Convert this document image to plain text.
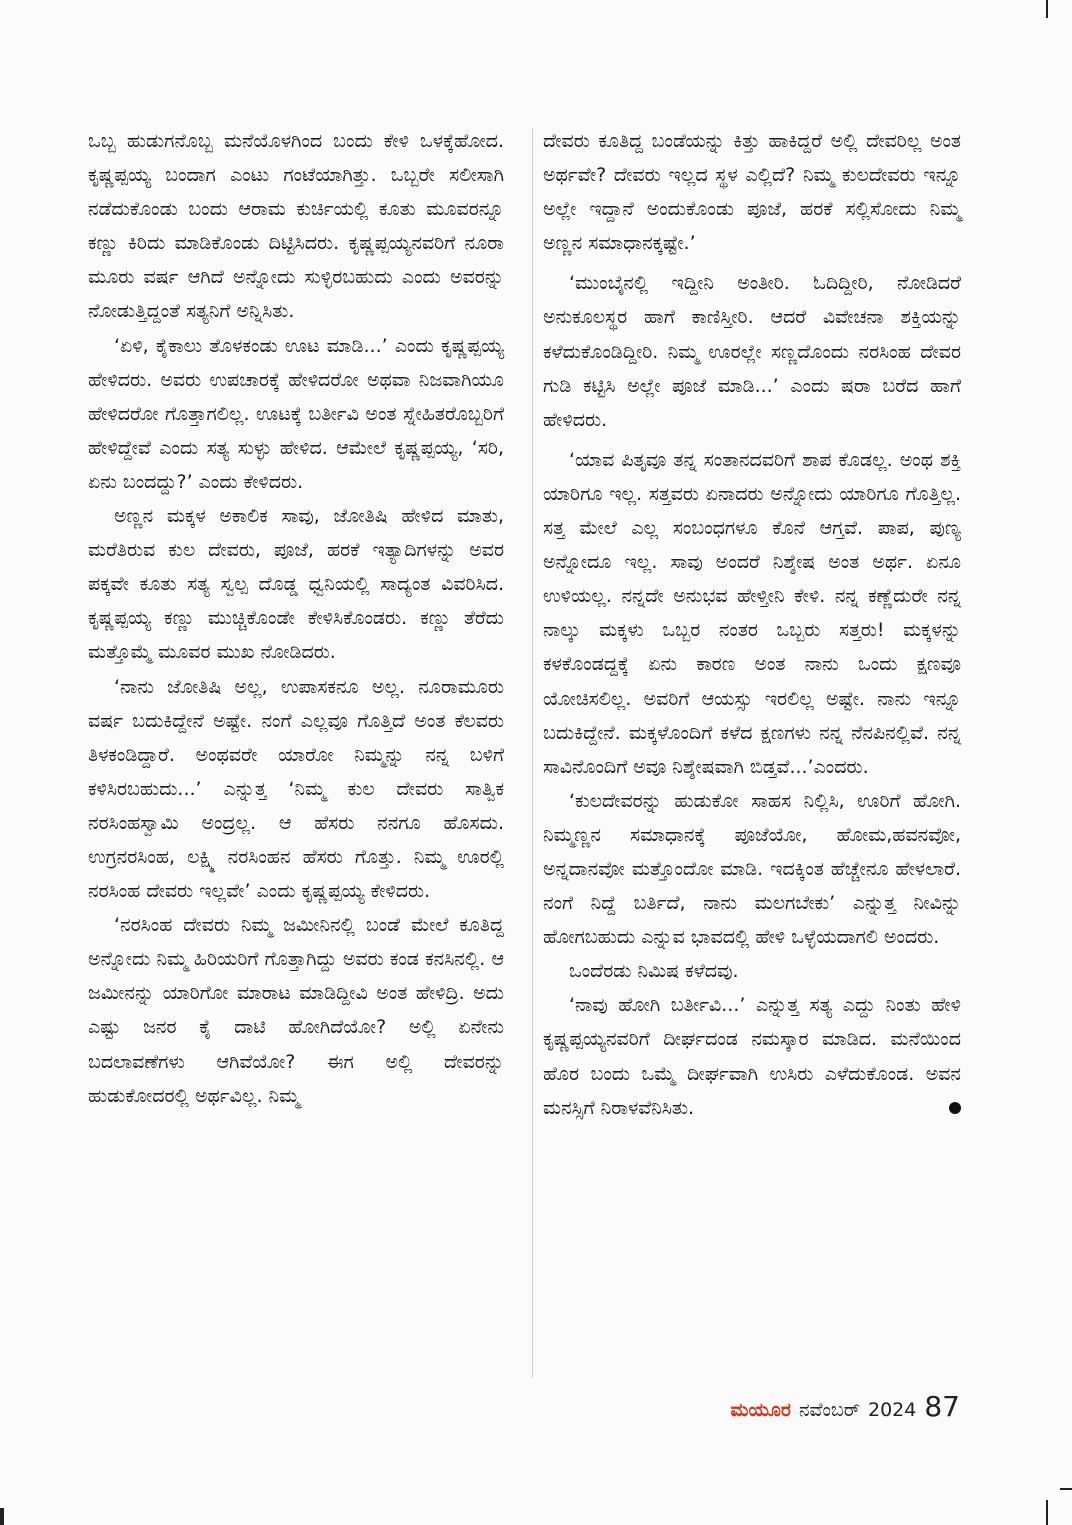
ಒಬ್ಬ ಹುಡುಗನೊಬ್ಬ ಮನೆಯೊಳಗಿಂದ ಬಂದು ಕೇಳಿ ಒಳಕ್ಕೆಹೋದ. ಕೃಷ್ಣಪ್ಪಯ್ಯ ಬಂದಾಗ ಎಂಟು ಗಂಟೆಯಾಗಿತ್ತು. ಒಬ್ಬರೇ ಸಲೀಸಾಗಿ ನಡೆದುಕೊಂಡು ಬಂದು ಆರಾಮ ಕುರ್ಚಿಯಲ್ಲಿ ಕೂತು ಮೂವರನ್ನೂ ಕಣ್ಣು ಕಿರಿದು ಮಾಡಿಕೊಂಡು ದಿಟ್ಟಿಸಿದರು. ಕೃಷ್ಣಪ್ಪಯ್ಯನವರಿಗೆ ನೂರಾ ಮೂರು ವರ್ಷ ಆಗಿದೆ ಅನ್ನೋದು ಸುಳ್ಳಿರಬಹುದು ಎಂದು ಅವರನ್ನು ನೋಡುತ್ತಿದ್ದಂತೆ ಸತ್ಯನಿಗೆ ಅನ್ನಿಸಿತು.

‘ಏಳಿ, ಕೈಕಾಲು ತೊಳಕಂಡು ಊಟ ಮಾಡಿ...’ ಎಂದು ಕೃಷ್ಣಪ್ಪಯ್ಯ ಹೇಳಿದರು. ಅವರು ಉಪಚಾರಕ್ಕೆ ಹೇಳಿದರೋ ಅಥವಾ ನಿಜವಾಗಿಯೂ ಹೇಳಿದರೋ ಗೊತ್ತಾಗಲಿಲ್ಲ. ಊಟಕ್ಕೆ ಬರ್ತೀವಿ ಅಂತ ಸ್ನೇಹಿತರೊಬ್ಬರಿಗೆ ಹೇಳಿದ್ದೇವೆ ಎಂದು ಸತ್ಯ ಸುಳ್ಳು ಹೇಳಿದ. ಆಮೇಲೆ ಕೃಷ್ಣಪ್ಪಯ್ಯ, ‘ಸರಿ, ಏನು ಬಂದದ್ದು?’ ಎಂದು ಕೇಳಿದರು.

ಅಣ್ಣನ ಮಕ್ಕಳ ಅಕಾಲಿಕ ಸಾವು, ಜೋತಿಷಿ ಹೇಳಿದ ಮಾತು, ಮರೆತಿರುವ ಕುಲ ದೇವರು, ಪೂಜೆ, ಹರಕೆ ಇತ್ಯಾದಿಗಳನ್ನು ಅವರ ಪಕ್ಕವೇ ಕೂತು ಸತ್ಯ ಸ್ವಲ್ಪ ದೊಡ್ಡ ಧ್ವನಿಯಲ್ಲಿ ಸಾದ್ಯಂತ ವಿವರಿಸಿದ. ಕೃಷ್ಣಪ್ಪಯ್ಯ ಕಣ್ಣು ಮುಚ್ಚಿಕೊಂಡೇ ಕೇಳಿಸಿಕೊಂಡರು. ಕಣ್ಣು ತೆರೆದು ಮತ್ತೊಮ್ಮೆ ಮೂವರ ಮುಖ ನೋಡಿದರು.

‘ನಾನು ಜೋತಿಷಿ ಅಲ್ಲ, ಉಪಾಸಕನೂ ಅಲ್ಲ. ನೂರಾಮೂರು ವರ್ಷ ಬದುಕಿದ್ದೇನೆ ಅಷ್ಟೇ. ನಂಗೆ ಎಲ್ಲವೂ ಗೊತ್ತಿದೆ ಅಂತ ಕೆಲವರು ತಿಳಕಂಡಿದ್ದಾರೆ. ಅಂಥವರೇ ಯಾರೋ ನಿಮ್ಮನ್ನು ನನ್ನ ಬಳಿಗೆ ಕಳಿಸಿರಬಹುದು...’ ಎನ್ನುತ್ತ ‘ನಿಮ್ಮ ಕುಲ ದೇವರು ಸಾತ್ವಿಕ ನರಸಿಂಹಸ್ವಾಮಿ ಅಂದ್ರಲ್ಲ. ಆ ಹೆಸರು ನನಗೂ ಹೊಸದು. ಉಗ್ರನರಸಿಂಹ, ಲಕ್ಷ್ಮಿ ನರಸಿಂಹನ ಹೆಸರು ಗೊತ್ತು. ನಿಮ್ಮ ಊರಲ್ಲಿ ನರಸಿಂಹ ದೇವರು ಇಲ್ಲವೇ’ ಎಂದು ಕೃಷ್ಣಪ್ಪಯ್ಯ ಕೇಳಿದರು.

‘ನರಸಿಂಹ ದೇವರು ನಿಮ್ಮ ಜಮೀನಿನಲ್ಲಿ ಬಂಡೆ ಮೇಲೆ ಕೂತಿದ್ದ ಅನ್ನೋದು ನಿಮ್ಮ ಹಿರಿಯರಿಗೆ ಗೊತ್ತಾಗಿದ್ದು ಅವರು ಕಂಡ ಕನಸಿನಲ್ಲಿ. ಆ ಜಮೀನನ್ನು ಯಾರಿಗೋ ಮಾರಾಟ ಮಾಡಿದ್ದೀವಿ ಅಂತ ಹೇಳಿದ್ರಿ. ಅದು ಎಷ್ಟು ಜನರ ಕೈ ದಾಟಿ ಹೋಗಿದೆಯೋ? ಅಲ್ಲಿ ಏನೇನು ಬದಲಾವಣೆಗಳು ಆಗಿವೆಯೋ? ಈಗ ಅಲ್ಲಿ ದೇವರನ್ನು ಹುಡುಕೋದರಲ್ಲಿ ಅರ್ಥವಿಲ್ಲ. ನಿಮ್ಮ

ದೇವರು ಕೂತಿದ್ದ ಬಂಡೆಯನ್ನು ಕಿತ್ತು ಹಾಕಿದ್ದರೆ ಅಲ್ಲಿ ದೇವರಿಲ್ಲ ಅಂತ ಅರ್ಥವೇ? ದೇವರು ಇಲ್ಲದ ಸ್ಥಳ ಎಲ್ಲಿದೆ? ನಿಮ್ಮ ಕುಲದೇವರು ಇನ್ನೂ ಅಲ್ಲೇ ಇದ್ದಾನೆ ಅಂದುಕೊಂಡು ಪೂಜೆ, ಹರಕೆ ಸಲ್ಲಿಸೋದು ನಿಮ್ಮ ಅಣ್ಣನ ಸಮಾಧಾನಕ್ಕಷ್ಟೇ.’

‘ಮುಂಬೈನಲ್ಲಿ ಇದ್ದೀನಿ ಅಂತೀರಿ. ಓದಿದ್ದೀರಿ, ನೋಡಿದರೆ ಅನುಕೂಲಸ್ಥರ ಹಾಗೆ ಕಾಣಿಸ್ತೀರಿ. ಆದರೆ ವಿವೇಚನಾ ಶಕ್ತಿಯನ್ನು ಕಳೆದುಕೊಂಡಿದ್ದೀರಿ. ನಿಮ್ಮ ಊರಲ್ಲೇ ಸಣ್ಣದೊಂದು ನರಸಿಂಹ ದೇವರ ಗುಡಿ ಕಟ್ಟಿಸಿ ಅಲ್ಲೇ ಪೂಜೆ ಮಾಡಿ...’ ಎಂದು ಷರಾ ಬರೆದ ಹಾಗೆ ಹೇಳಿದರು.

‘ಯಾವ ಪಿತೃವೂ ತನ್ನ ಸಂತಾನದವರಿಗೆ ಶಾಪ ಕೊಡಲ್ಲ. ಅಂಥ ಶಕ್ತಿ ಯಾರಿಗೂ ಇಲ್ಲ. ಸತ್ತವರು ಏನಾದರು ಅನ್ನೋದು ಯಾರಿಗೂ ಗೊತ್ತಿಲ್ಲ. ಸತ್ತ ಮೇಲೆ ಎಲ್ಲ ಸಂಬಂಧಗಳೂ ಕೊನೆ ಆಗ್ತವೆ. ಪಾಪ, ಪುಣ್ಯ ಅನ್ನೋದೂ ಇಲ್ಲ. ಸಾವು ಅಂದರೆ ನಿಶ್ಶೇಷ ಅಂತ ಅರ್ಥ. ಏನೂ ಉಳಿಯಲ್ಲ. ನನ್ನದೇ ಅನುಭವ ಹೇಳ್ತೀನಿ ಕೇಳಿ. ನನ್ನ ಕಣ್ಣೆದುರೇ ನನ್ನ ನಾಲ್ಕು ಮಕ್ಕಳು ಒಬ್ಬರ ನಂತರ ಒಬ್ಬರು ಸತ್ತರು! ಮಕ್ಕಳನ್ನು ಕಳಕೊಂಡದ್ದಕ್ಕೆ ಏನು ಕಾರಣ ಅಂತ ನಾನು ಒಂದು ಕ್ಷಣವೂ ಯೋಚಿಸಲಿಲ್ಲ. ಅವರಿಗೆ ಆಯಸ್ಸು ಇರಲಿಲ್ಲ ಅಷ್ಟೇ. ನಾನು ಇನ್ನೂ ಬದುಕಿದ್ದೇನೆ. ಮಕ್ಕಳೊಂದಿಗೆ ಕಳೆದ ಕ್ಷಣಗಳು ನನ್ನ ನೆನಪಿನಲ್ಲಿವೆ. ನನ್ನ ಸಾವಿನೊಂದಿಗೆ ಅವೂ ನಿಶ್ಶೇಷವಾಗಿ ಬಿಡ್ತವೆ...’ಎಂದರು.

‘ಕುಲದೇವರನ್ನು ಹುಡುಕೋ ಸಾಹಸ ನಿಲ್ಲಿಸಿ, ಊರಿಗೆ ಹೋಗಿ. ನಿಮ್ಮಣ್ಣನ ಸಮಾಧಾನಕ್ಕೆ ಪೂಜೆಯೋ, ಹೋಮ,ಹವನವೋ, ಅನ್ನದಾನವೋ ಮತ್ತೊಂದೋ ಮಾಡಿ. ಇದಕ್ಕಿಂತ ಹೆಚ್ಚೇನೂ ಹೇಳಲಾರೆ. ನಂಗೆ ನಿದ್ದೆ ಬರ್ತಿದೆ, ನಾನು ಮಲಗಬೇಕು’ ಎನ್ನುತ್ತ ನೀವಿನ್ನು ಹೋಗಬಹುದು ಎನ್ನುವ ಭಾವದಲ್ಲಿ ಹೇಳಿ ಒಳ್ಳೆಯದಾಗಲಿ ಅಂದರು.

ಒಂದೆರಡು ನಿಮಿಷ ಕಳೆದವು.

‘ನಾವು ಹೋಗಿ ಬರ್ತೀವಿ...’ ಎನ್ನುತ್ತ ಸತ್ಯ ಎದ್ದು ನಿಂತು ಹೇಳಿ ಕೃಷ್ಣಪ್ಪಯ್ಯನವರಿಗೆ ದೀರ್ಘದಂಡ ನಮಸ್ಕಾರ ಮಾಡಿದ. ಮನೆಯಿಂದ ಹೊರ ಬಂದು ಒಮ್ಮೆ ದೀರ್ಘವಾಗಿ ಉಸಿರು ಎಳೆದುಕೊಂಡ. ಅವನ ಮನಸ್ಸಿಗೆ ನಿರಾಳವೆನಿಸಿತು.

ಮಯೂರ ನವೆಂಬರ್ 2024 87
